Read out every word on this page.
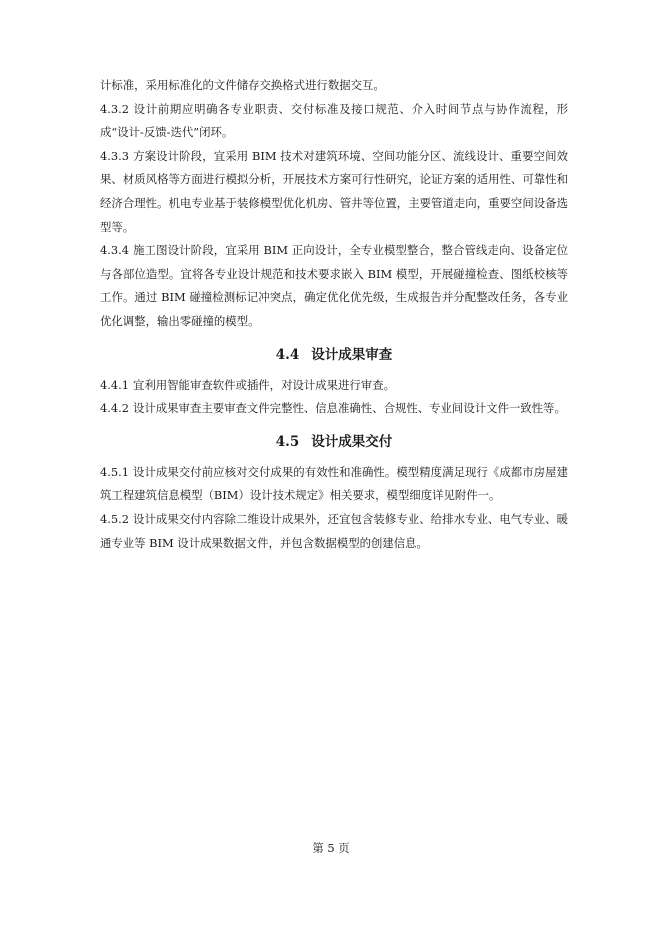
计标准，采用标准化的文件储存交换格式进行数据交互。

4.3.2 设计前期应明确各专业职责、交付标准及接口规范、介入时间节点与协作流程，形成“设计-反馈-迭代”闭环。

4.3.3 方案设计阶段，宜采用 BIM 技术对建筑环境、空间功能分区、流线设计、重要空间效果、材质风格等方面进行模拟分析，开展技术方案可行性研究，论证方案的适用性、可靠性和经济合理性。机电专业基于装修模型优化机房、管井等位置，主要管道走向，重要空间设备选型等。

4.3.4 施工图设计阶段，宜采用 BIM 正向设计，全专业模型整合，整合管线走向、设备定位与各部位造型。宜将各专业设计规范和技术要求嵌入 BIM 模型，开展碰撞检查、图纸校核等工作。通过 BIM 碰撞检测标记冲突点，确定优化优先级，生成报告并分配整改任务，各专业优化调整，输出零碰撞的模型。

4.4 设计成果审查

4.4.1 宜利用智能审查软件或插件，对设计成果进行审查。

4.4.2 设计成果审查主要审查文件完整性、信息准确性、合规性、专业间设计文件一致性等。

4.5 设计成果交付

4.5.1 设计成果交付前应核对交付成果的有效性和准确性。模型精度满足现行《成都市房屋建筑工程建筑信息模型（BIM）设计技术规定》相关要求，模型细度详见附件一。

4.5.2 设计成果交付内容除二维设计成果外，还宜包含装修专业、给排水专业、电气专业、暖通专业等 BIM 设计成果数据文件，并包含数据模型的创建信息。

第 5 页
